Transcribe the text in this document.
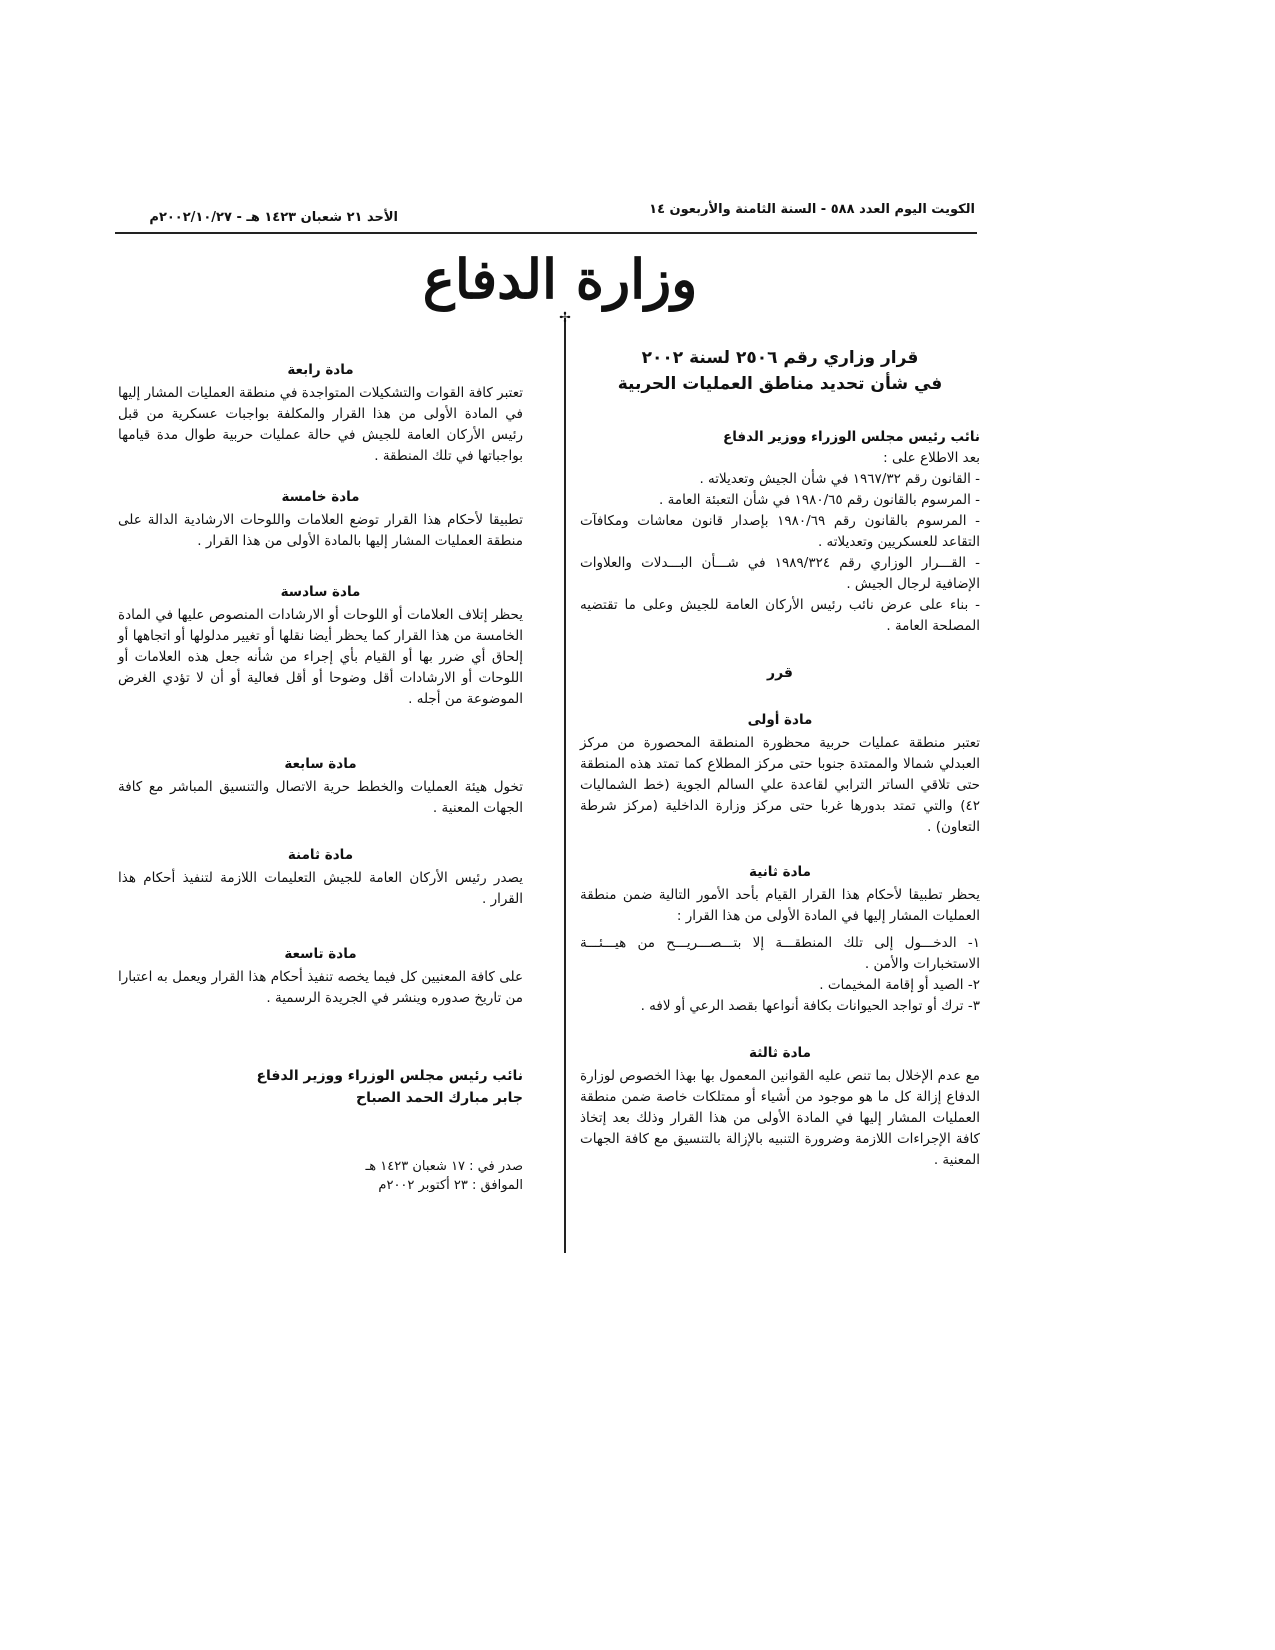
الكويت اليوم العدد ٥٨٨ - السنة الثامنة والأربعون ١٤
الأحد ٢١ شعبان ١٤٢٣ هـ - ٢٠٠٢/١٠/٢٧م
وزارة الدفاع
✢
قرار وزاري رقم ٢٥٠٦ لسنة ٢٠٠٢
في شأن تحديد مناطق العمليات الحربية
نائب رئيس مجلس الوزراء ووزير الدفاع

بعد الاطلاع على :

- القانون رقم ١٩٦٧/٣٢ في شأن الجيش وتعديلاته .
- المرسوم بالقانون رقم ١٩٨٠/٦٥ في شأن التعبئة العامة .
- المرسوم بالقانون رقم ١٩٨٠/٦٩ بإصدار قانون معاشات ومكافآت التقاعد للعسكريين وتعديلاته .
- القـــرار الوزاري رقم ١٩٨٩/٣٢٤ في شـــأن البـــدلات والعلاوات الإضافية لرجال الجيش .
- بناء على عرض نائب رئيس الأركان العامة للجيش وعلى ما تقتضيه المصلحة العامة .
قرر
مادة أولى

تعتبر منطقة عمليات حربية محظورة المنطقة المحصورة من مركز العبدلي شمالا والممتدة جنوبا حتى مركز المطلاع كما تمتد هذه المنطقة حتى تلاقي الساتر الترابي لقاعدة علي السالم الجوية (خط الشماليات ٤٢) والتي تمتد بدورها غربا حتى مركز وزارة الداخلية (مركز شرطة التعاون) .

مادة ثانية

يحظر تطبيقا لأحكام هذا القرار القيام بأحد الأمور التالية ضمن منطقة العمليات المشار إليها في المادة الأولى من هذا القرار :

١- الدخـــول إلى تلك المنطقـــة إلا بتـــصـــريـــح من هيـــئـــة الاستخبارات والأمن .
٢- الصيد أو إقامة المخيمات .
٣- ترك أو تواجد الحيوانات بكافة أنواعها بقصد الرعي أو لافه .
مادة ثالثة

مع عدم الإخلال بما تنص عليه القوانين المعمول بها بهذا الخصوص لوزارة الدفاع إزالة كل ما هو موجود من أشياء أو ممتلكات خاصة ضمن منطقة العمليات المشار إليها في المادة الأولى من هذا القرار وذلك بعد إتخاذ كافة الإجراءات اللازمة وضرورة التنبيه بالإزالة بالتنسيق مع كافة الجهات المعنية .

مادة رابعة

تعتبر كافة القوات والتشكيلات المتواجدة في منطقة العمليات المشار إليها في المادة الأولى من هذا القرار والمكلفة بواجبات عسكرية من قبل رئيس الأركان العامة للجيش في حالة عمليات حربية طوال مدة قيامها بواجباتها في تلك المنطقة .

مادة خامسة

تطبيقا لأحكام هذا القرار توضع العلامات واللوحات الارشادية الدالة على منطقة العمليات المشار إليها بالمادة الأولى من هذا القرار .

مادة سادسة

يحظر إتلاف العلامات أو اللوحات أو الارشادات المنصوص عليها في المادة الخامسة من هذا القرار كما يحظر أيضا نقلها أو تغيير مدلولها أو اتجاهها أو إلحاق أي ضرر بها أو القيام بأي إجراء من شأنه جعل هذه العلامات أو اللوحات أو الارشادات أقل وضوحا أو أقل فعالية أو أن لا تؤدي الغرض الموضوعة من أجله .

مادة سابعة

تخول هيئة العمليات والخطط حرية الاتصال والتنسيق المباشر مع كافة الجهات المعنية .

مادة ثامنة

يصدر رئيس الأركان العامة للجيش التعليمات اللازمة لتنفيذ أحكام هذا القرار .

مادة تاسعة

على كافة المعنيين كل فيما يخصه تنفيذ أحكام هذا القرار ويعمل به اعتبارا من تاريخ صدوره وينشر في الجريدة الرسمية .

نائب رئيس مجلس الوزراء ووزير الدفاع
جابر مبارك الحمد الصباح
صدر في : ١٧ شعبان ١٤٢٣ هـ
الموافق : ٢٣ أكتوبر ٢٠٠٢م
